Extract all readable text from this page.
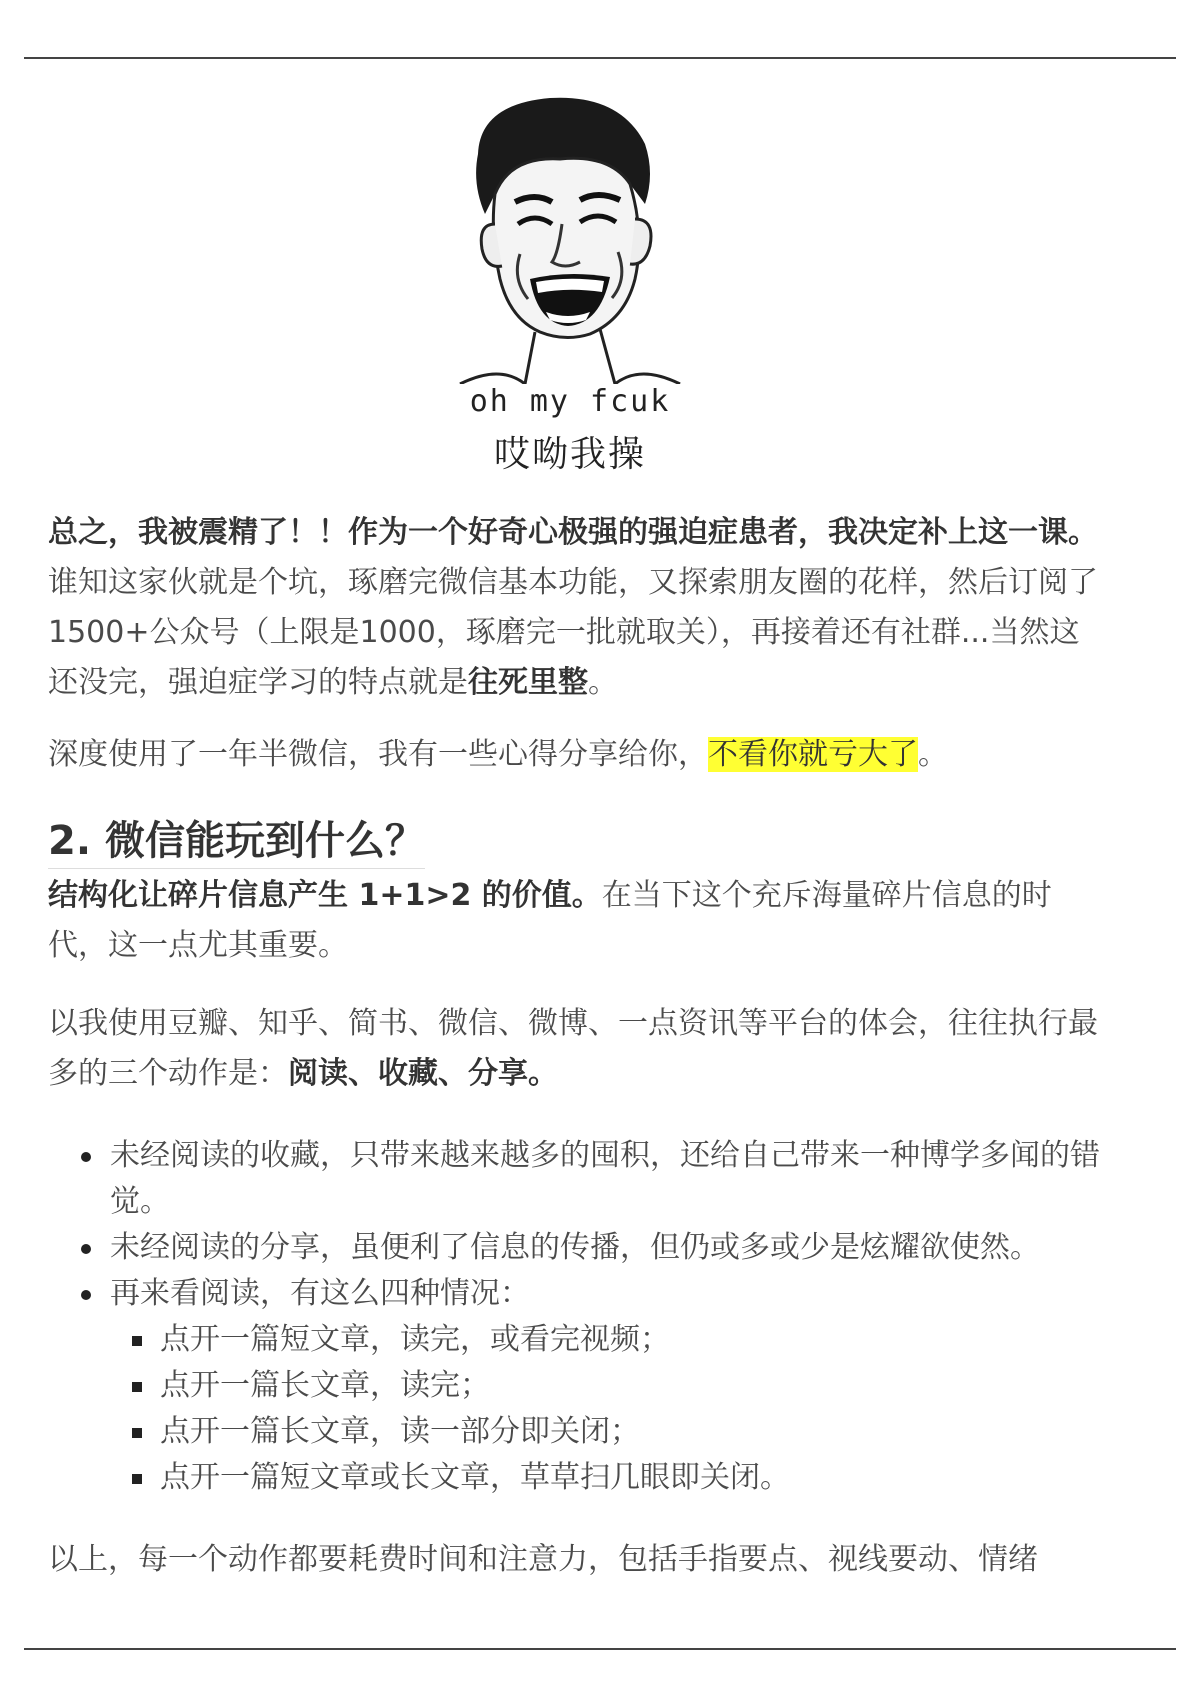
oh my fcuk
哎呦我操

总之，我被震精了！！作为一个好奇心极强的强迫症患者，我决定补上这一课。谁知这家伙就是个坑，琢磨完微信基本功能，又探索朋友圈的花样，然后订阅了1500+公众号（上限是1000，琢磨完一批就取关），再接着还有社群...当然这还没完，强迫症学习的特点就是往死里整。

深度使用了一年半微信，我有一些心得分享给你，不看你就亏大了。

2. 微信能玩到什么？

结构化让碎片信息产生 1+1>2 的价值。在当下这个充斥海量碎片信息的时代，这一点尤其重要。

以我使用豆瓣、知乎、简书、微信、微博、一点资讯等平台的体会，往往执行最多的三个动作是：阅读、收藏、分享。

未经阅读的收藏，只带来越来越多的囤积，还给自己带来一种博学多闻的错觉。
未经阅读的分享，虽便利了信息的传播，但仍或多或少是炫耀欲使然。
再来看阅读，有这么四种情况：
点开一篇短文章，读完，或看完视频；
点开一篇长文章，读完；
点开一篇长文章，读一部分即关闭；
点开一篇短文章或长文章，草草扫几眼即关闭。

以上，每一个动作都要耗费时间和注意力，包括手指要点、视线要动、情绪
